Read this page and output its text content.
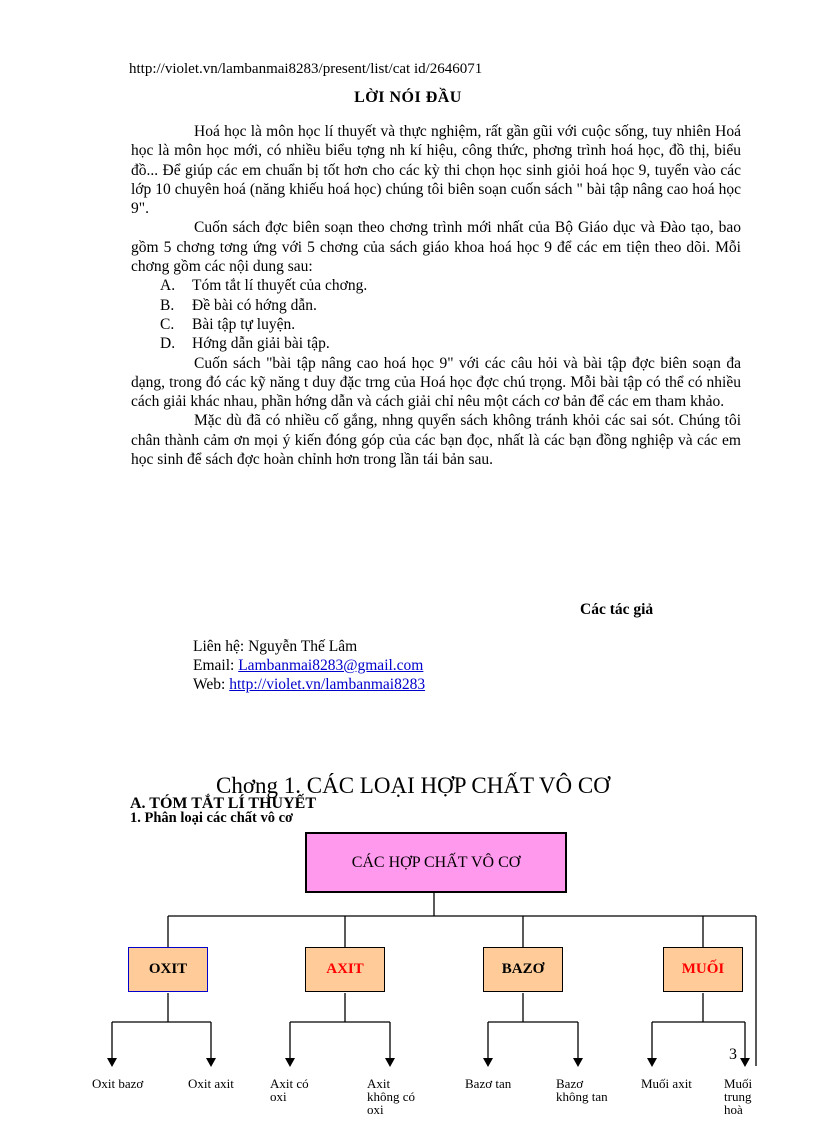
http://violet.vn/lambanmai8283/present/list/cat id/2646071
LỜI NÓI ĐẦU

Hoá học là môn học lí thuyết và thực nghiệm, rất gần gũi với cuộc sống, tuy nhiên Hoá học là môn học mới, có nhiều biểu tợng nh kí hiệu, công thức, phơng trình hoá học, đồ thị, biểu đồ... Để giúp các em chuẩn bị tốt hơn cho các kỳ thi chọn học sinh giỏi hoá học 9, tuyển vào các lớp 10 chuyên hoá (năng khiếu hoá học) chúng tôi biên soạn cuốn sách " bài tập nâng cao hoá học 9".

Cuốn sách đợc biên soạn theo chơng trình mới nhất của Bộ Giáo dục và Đào tạo, bao gồm 5 chơng tơng ứng với 5 chơng của sách giáo khoa hoá học 9 để các em tiện theo dõi. Mỗi chơng gồm các nội dung sau:

A.	Tóm tắt lí thuyết của chơng.
B.	Đề bài có hớng dẫn.
C.	Bài tập tự luyện.
D.	Hớng dẫn giải bài tập.

Cuốn sách "bài tập nâng cao hoá học 9" với các câu hỏi và bài tập đợc biên soạn đa dạng, trong đó các kỹ năng t duy đặc trng của Hoá học đợc chú trọng. Mỗi bài tập có thể có nhiều cách giải khác nhau, phần hớng dẫn và cách giải chỉ nêu một cách cơ bản để các em tham khảo.

Mặc dù đã có nhiều cố gắng, nhng quyển sách không tránh khỏi các sai sót. Chúng tôi chân thành cảm ơn mọi ý kiến đóng góp của các bạn đọc, nhất là các bạn đồng nghiệp và các em học sinh để sách đợc hoàn chỉnh hơn trong lần tái bản sau.

Các tác giả
Liên hệ: Nguyễn Thế Lâm
Email: Lambanmai8283@gmail.com
Web: http://violet.vn/lambanmai8283
Chơng 1. CÁC LOẠI HỢP CHẤT VÔ CƠ
A. TÓM TẮT LÍ THUYẾT
1. Phân loại các chất vô cơ
CÁC HỢP CHẤT VÔ CƠ
OXIT	AXIT	BAZƠ	MUỐI
Oxit bazơ	Oxit axit	Axit có oxi
Axit không có oxi
Bazơ tan	Bazơ không tan
Muối axit	Muối trung hoà
3
